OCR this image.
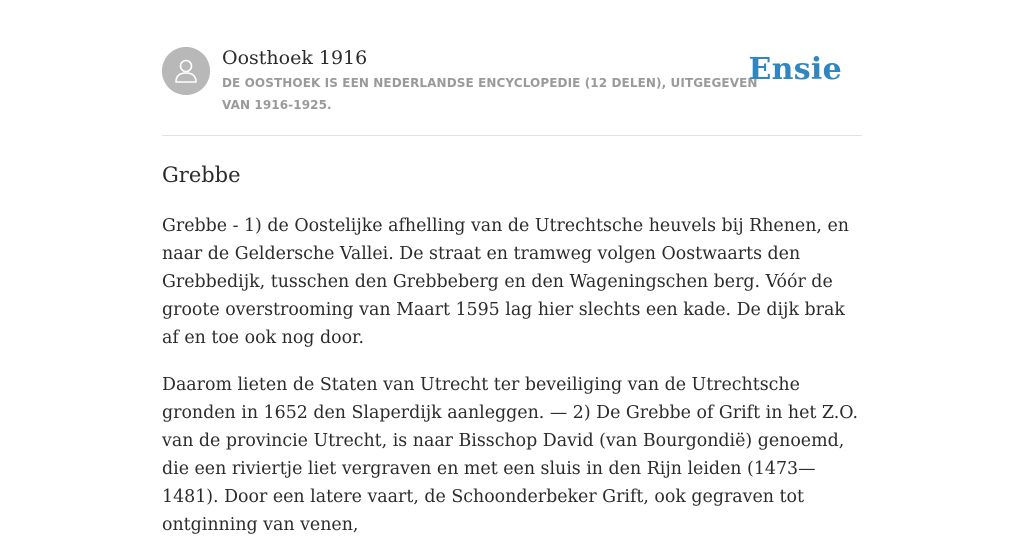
Oosthoek 1916
DE OOSTHOEK IS EEN NEDERLANDSE ENCYCLOPEDIE (12 DELEN), UITGEGEVEN VAN 1916-1925.
Ensie
Grebbe

Grebbe - 1) de Oostelijke afhelling van de Utrechtsche heuvels bij Rhenen, en naar de Geldersche Vallei. De straat en tramweg volgen Oostwaarts den Grebbedijk, tusschen den Grebbeberg en den Wageningschen berg. Vóór de groote overstrooming van Maart 1595 lag hier slechts een kade. De dijk brak af en toe ook nog door.

Daarom lieten de Staten van Utrecht ter beveiliging van de Utrechtsche gronden in 1652 den Slaperdijk aanleggen. — 2) De Grebbe of Grift in het Z.O. van de provincie Utrecht, is naar Bisschop David (van Bourgondië) genoemd, die een riviertje liet vergraven en met een sluis in den Rijn leiden (1473—1481). Door een latere vaart, de Schoonderbeker Grift, ook gegraven tot ontginning van venen,
